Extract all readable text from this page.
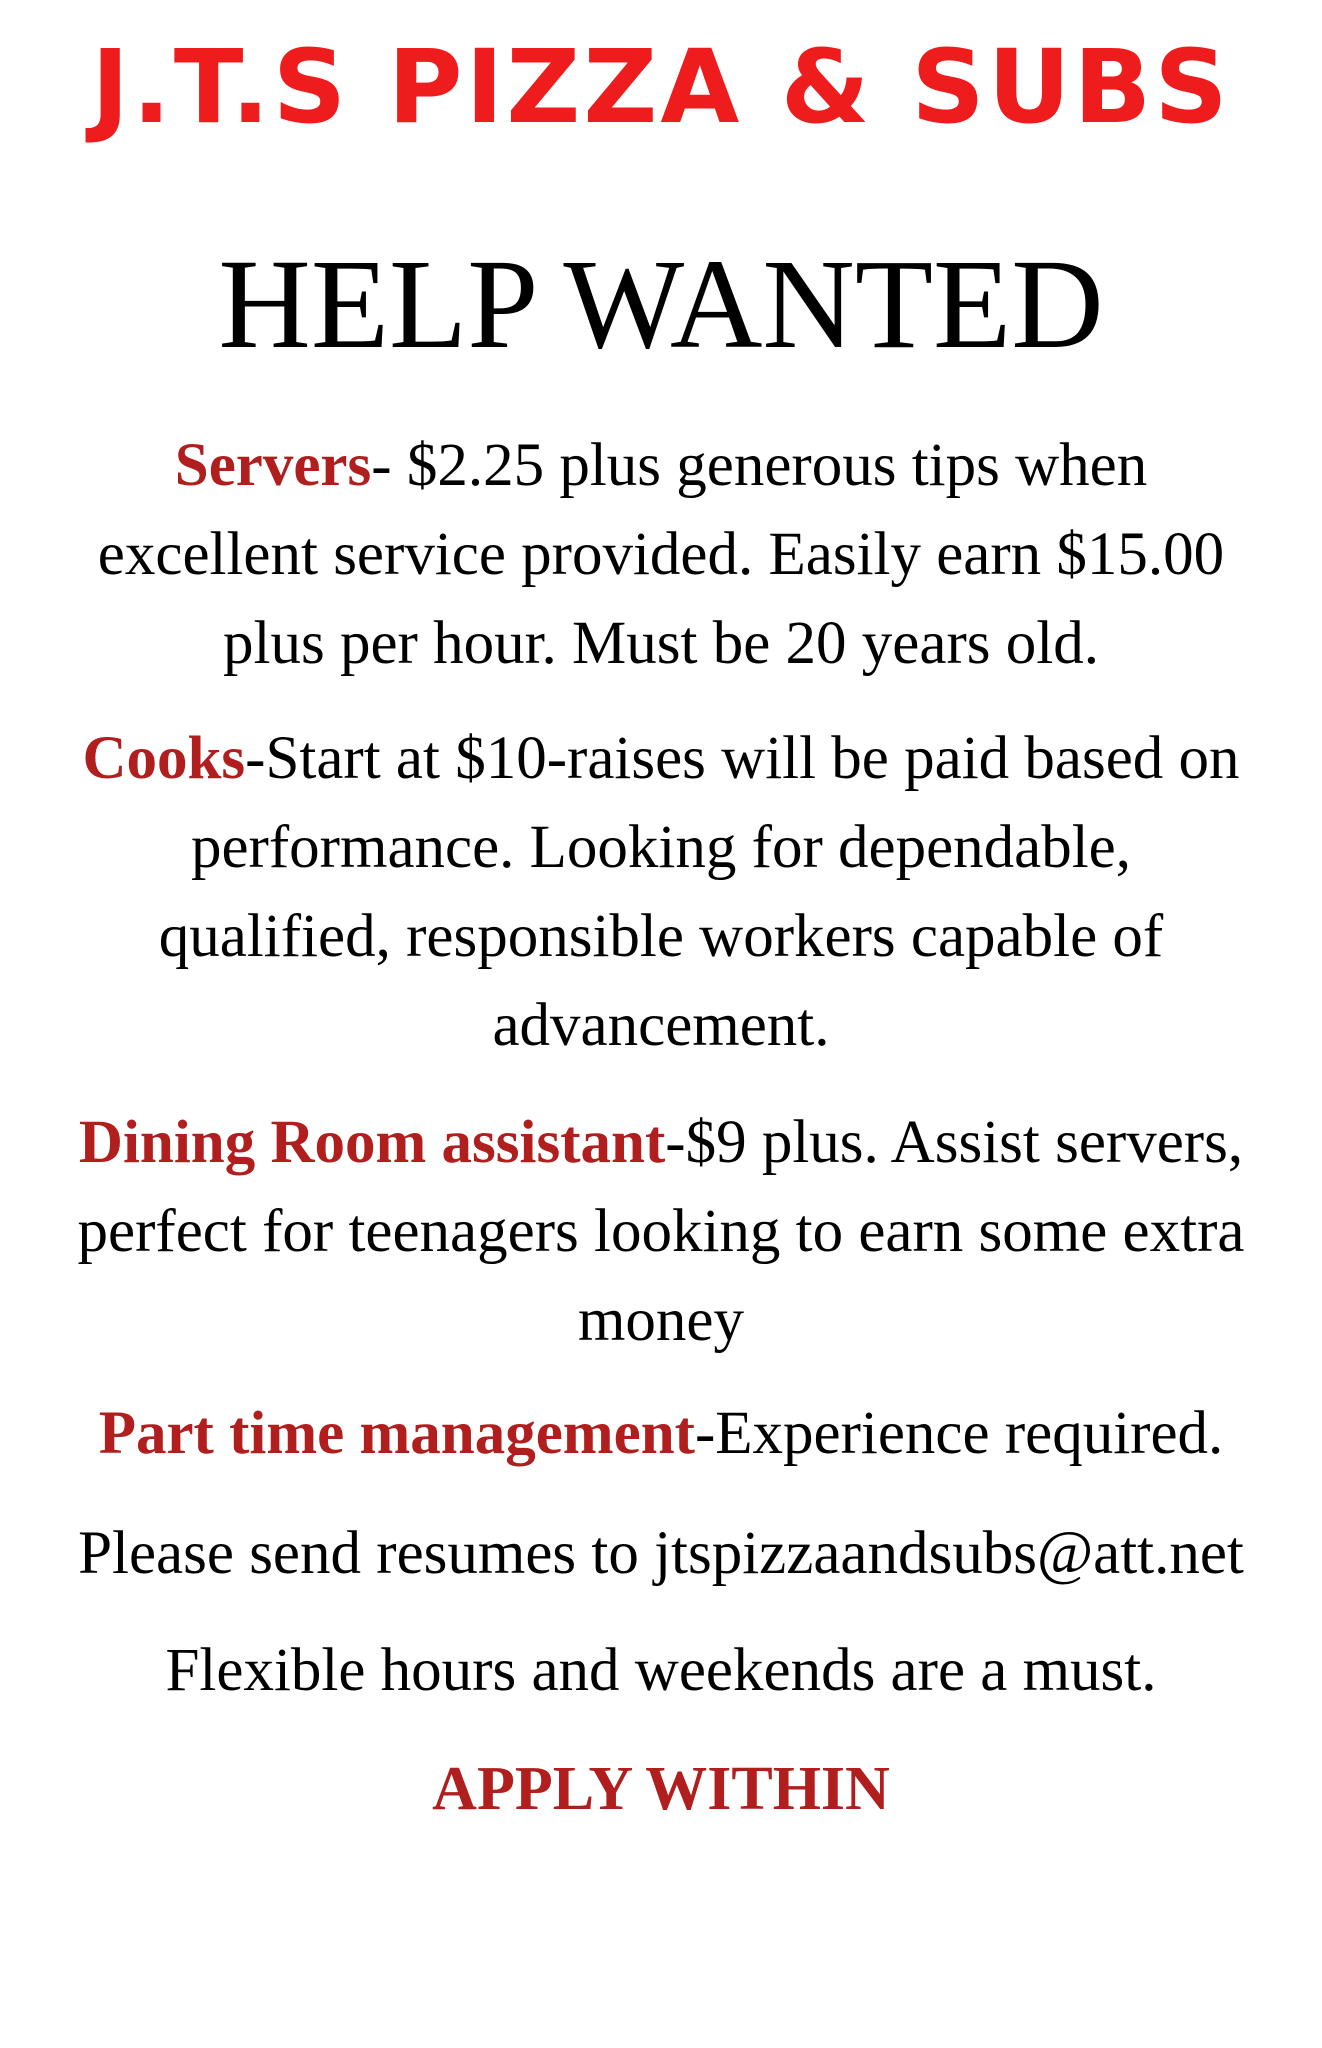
J.T.S PIZZA & SUBS
HELP WANTED
Servers- $2.25 plus generous tips when
excellent service provided. Easily earn $15.00
plus per hour. Must be 20 years old.
Cooks-Start at $10-raises will be paid based on
performance. Looking for dependable,
qualified, responsible workers capable of
advancement.
Dining Room assistant-$9 plus. Assist servers,
perfect for teenagers looking to earn some extra
money
Part time management-Experience required.
Please send resumes to jtspizzaandsubs@att.net
Flexible hours and weekends are a must.
APPLY WITHIN
